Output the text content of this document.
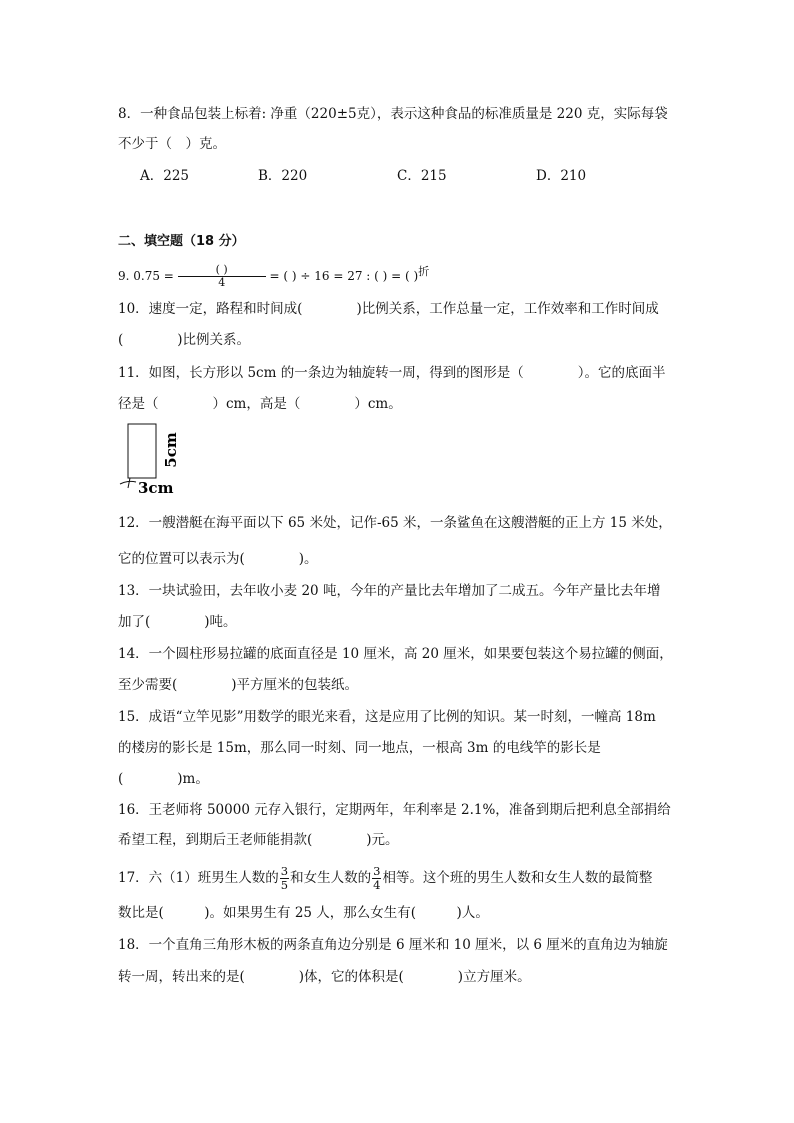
8．一种食品包装上标着: 净重（220±5克），表示这种食品的标准质量是 220 克，实际每袋
不少于（　）克。
A．225	B．220	C．215	D．210
二、填空题（18 分）
9. 0.75 =	( )
4	= ( ) ÷ 16 = 27 : ( ) = ( )$^折$
10．速度一定，路程和时间成(　　　　)比例关系，工作总量一定，工作效率和工作时间成
(　　　　)比例关系。
11．如图，长方形以 5cm 的一条边为轴旋转一周，得到的图形是（　　　　）。它的底面半
径是（　　　　）cm，高是（　　　　）cm。
5cm
3cm
12．一艘潜艇在海平面以下 65 米处，记作-65 米，一条鲨鱼在这艘潜艇的正上方 15 米处，
它的位置可以表示为(　　　　)。
13．一块试验田，去年收小麦 20 吨，今年的产量比去年增加了二成五。今年产量比去年增
加了(　　　　)吨。
14．一个圆柱形易拉罐的底面直径是 10 厘米，高 20 厘米，如果要包装这个易拉罐的侧面，
至少需要(　　　　)平方厘米的包装纸。
15．成语“立竿见影”用数学的眼光来看，这是应用了比例的知识。某一时刻，一幢高 18m
的楼房的影长是 15m，那么同一时刻、同一地点，一根高 3m 的电线竿的影长是
(　　　　)m。
16．王老师将 50000 元存入银行，定期两年，年利率是 2.1%，准备到期后把利息全部捐给
希望工程，到期后王老师能捐款(　　　　)元。
17．六（1）班男生人数的 $\frac{3}{5}$ 和女生人数的 $\frac{3}{4}$ 相等。这个班的男生人数和女生人数的最简整
数比是(　　　)。如果男生有 25 人，那么女生有(　　　)人。
18．一个直角三角形木板的两条直角边分别是 6 厘米和 10 厘米，以 6 厘米的直角边为轴旋
转一周，转出来的是(　　　　)体，它的体积是(　　　　)立方厘米。
